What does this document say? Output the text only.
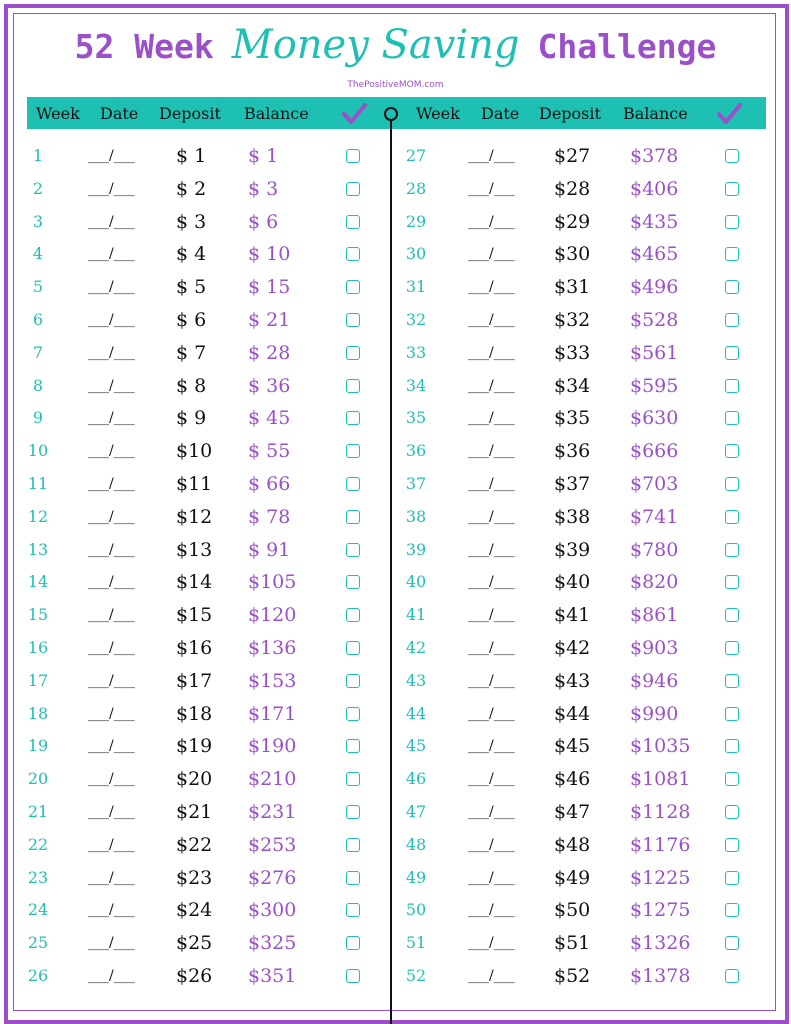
52 Week Money Saving Challenge
ThePositiveMOM.com
Week Date Deposit Balance	Week Date Deposit Balance
1	___/___ $ 1 $ 1
2	___/___ $ 2 $ 3
3	___/___ $ 3 $ 6
4	___/___ $ 4 $ 10
5	___/___ $ 5 $ 15
6	___/___ $ 6 $ 21
7	___/___ $ 7 $ 28
8	___/___ $ 8 $ 36
9	___/___ $ 9 $ 45
10	___/___ $10 $ 55
11	___/___ $11 $ 66
12	___/___ $12 $ 78
13	___/___ $13 $ 91
14	___/___ $14 $105
15	___/___ $15 $120
16	___/___ $16 $136
17	___/___ $17 $153
18	___/___ $18 $171
19	___/___ $19 $190
20	___/___ $20 $210
21	___/___ $21 $231
22	___/___ $22 $253
23	___/___ $23 $276
24	___/___ $24 $300
25	___/___ $25 $325
26	___/___ $26 $351
27	___/___ $27 $378
28	___/___ $28 $406
29	___/___ $29 $435
30	___/___ $30 $465
31	___/___ $31 $496
32	___/___ $32 $528
33	___/___ $33 $561
34	___/___ $34 $595
35	___/___ $35 $630
36	___/___ $36 $666
37	___/___ $37 $703
38	___/___ $38 $741
39	___/___ $39 $780
40	___/___ $40 $820
41	___/___ $41 $861
42	___/___ $42 $903
43	___/___ $43 $946
44	___/___ $44 $990
45	___/___ $45 $1035
46	___/___ $46 $1081
47	___/___ $47 $1128
48	___/___ $48 $1176
49	___/___ $49 $1225
50	___/___ $50 $1275
51	___/___ $51 $1326
52	___/___ $52 $1378
